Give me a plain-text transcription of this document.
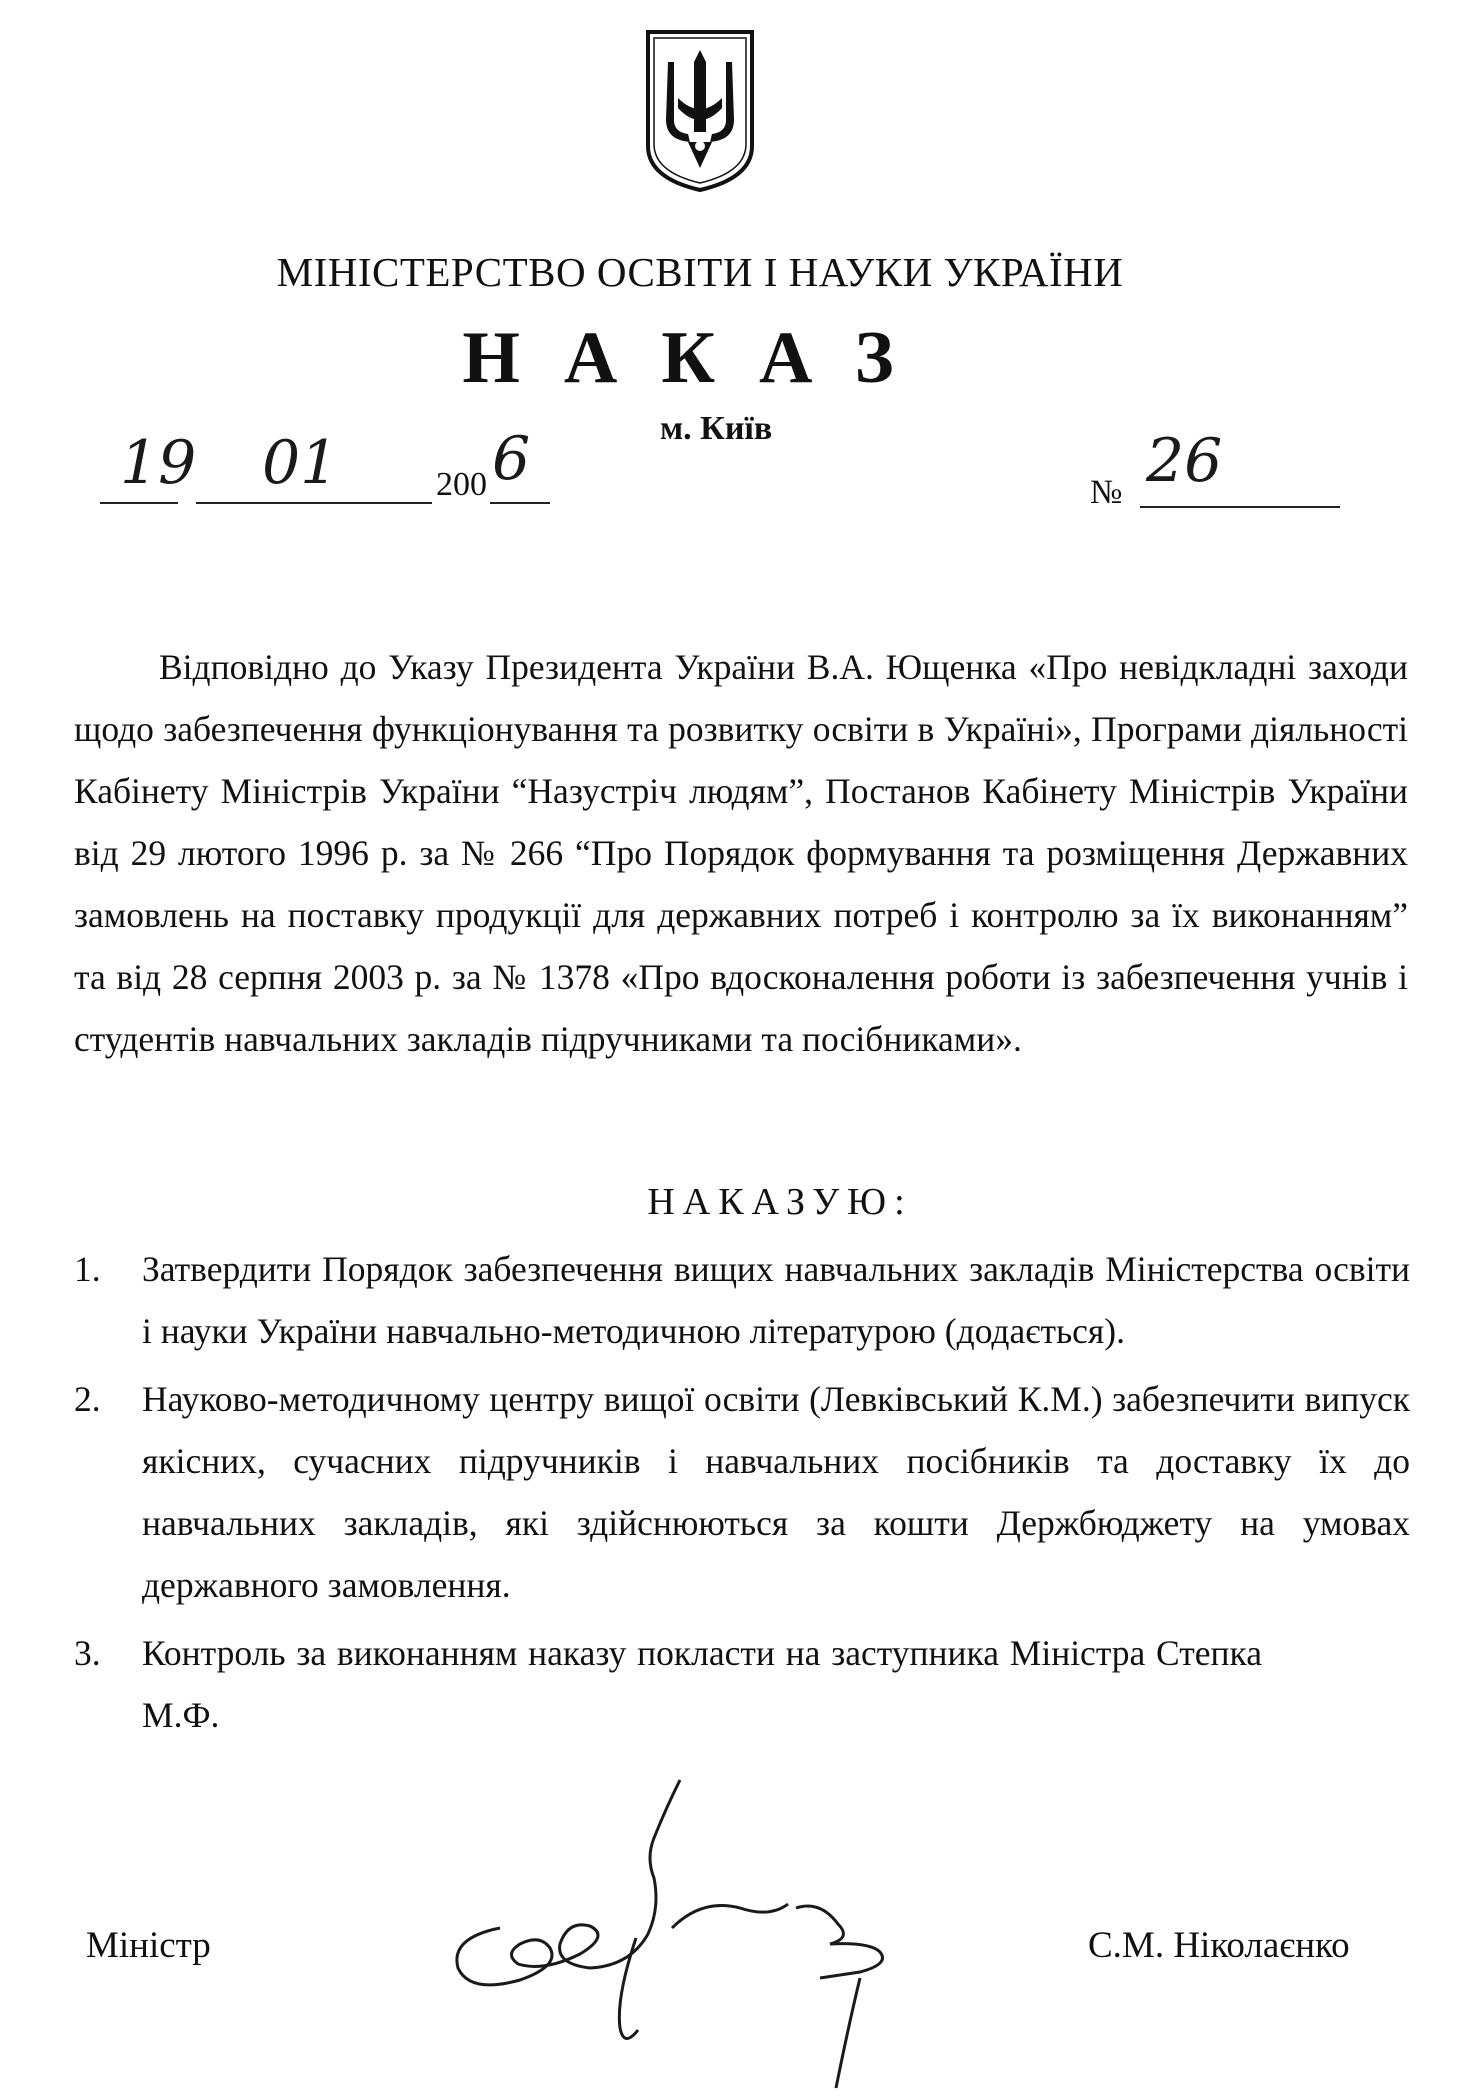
МІНІСТЕРСТВО ОСВІТИ І НАУКИ УКРАЇНИ
НАКАЗ
м. Київ
19 01	200 6	№ 26
Відповідно до Указу Президента України В.А. Ющенка «Про невідкладні заходи щодо забезпечення функціонування та розвитку освіти в Україні», Програми діяльності Кабінету Міністрів України “Назустріч людям”, Постанов Кабінету Міністрів України від 29 лютого 1996 р. за № 266 “Про Порядок формування та розміщення Державних замовлень на поставку продукції для державних потреб і контролю за їх виконанням” та від 28 серпня 2003 р. за № 1378 «Про вдосконалення роботи із забезпечення учнів і студентів навчальних закладів підручниками та посібниками».
НАКАЗУЮ:
1. Затвердити Порядок забезпечення вищих навчальних закладів Міністерства освіти і науки України навчально-методичною літературою (додається).
2. Науково-методичному центру вищої освіти (Левківський К.М.) забезпечити випуск якісних, сучасних підручників і навчальних посібників та доставку їх до навчальних закладів, які здійснюються за кошти Держбюджету на умовах державного замовлення.
3. Контроль за виконанням наказу покласти на заступника Міністра Степка М.Ф.
Міністр	С.М. Ніколаєнко
